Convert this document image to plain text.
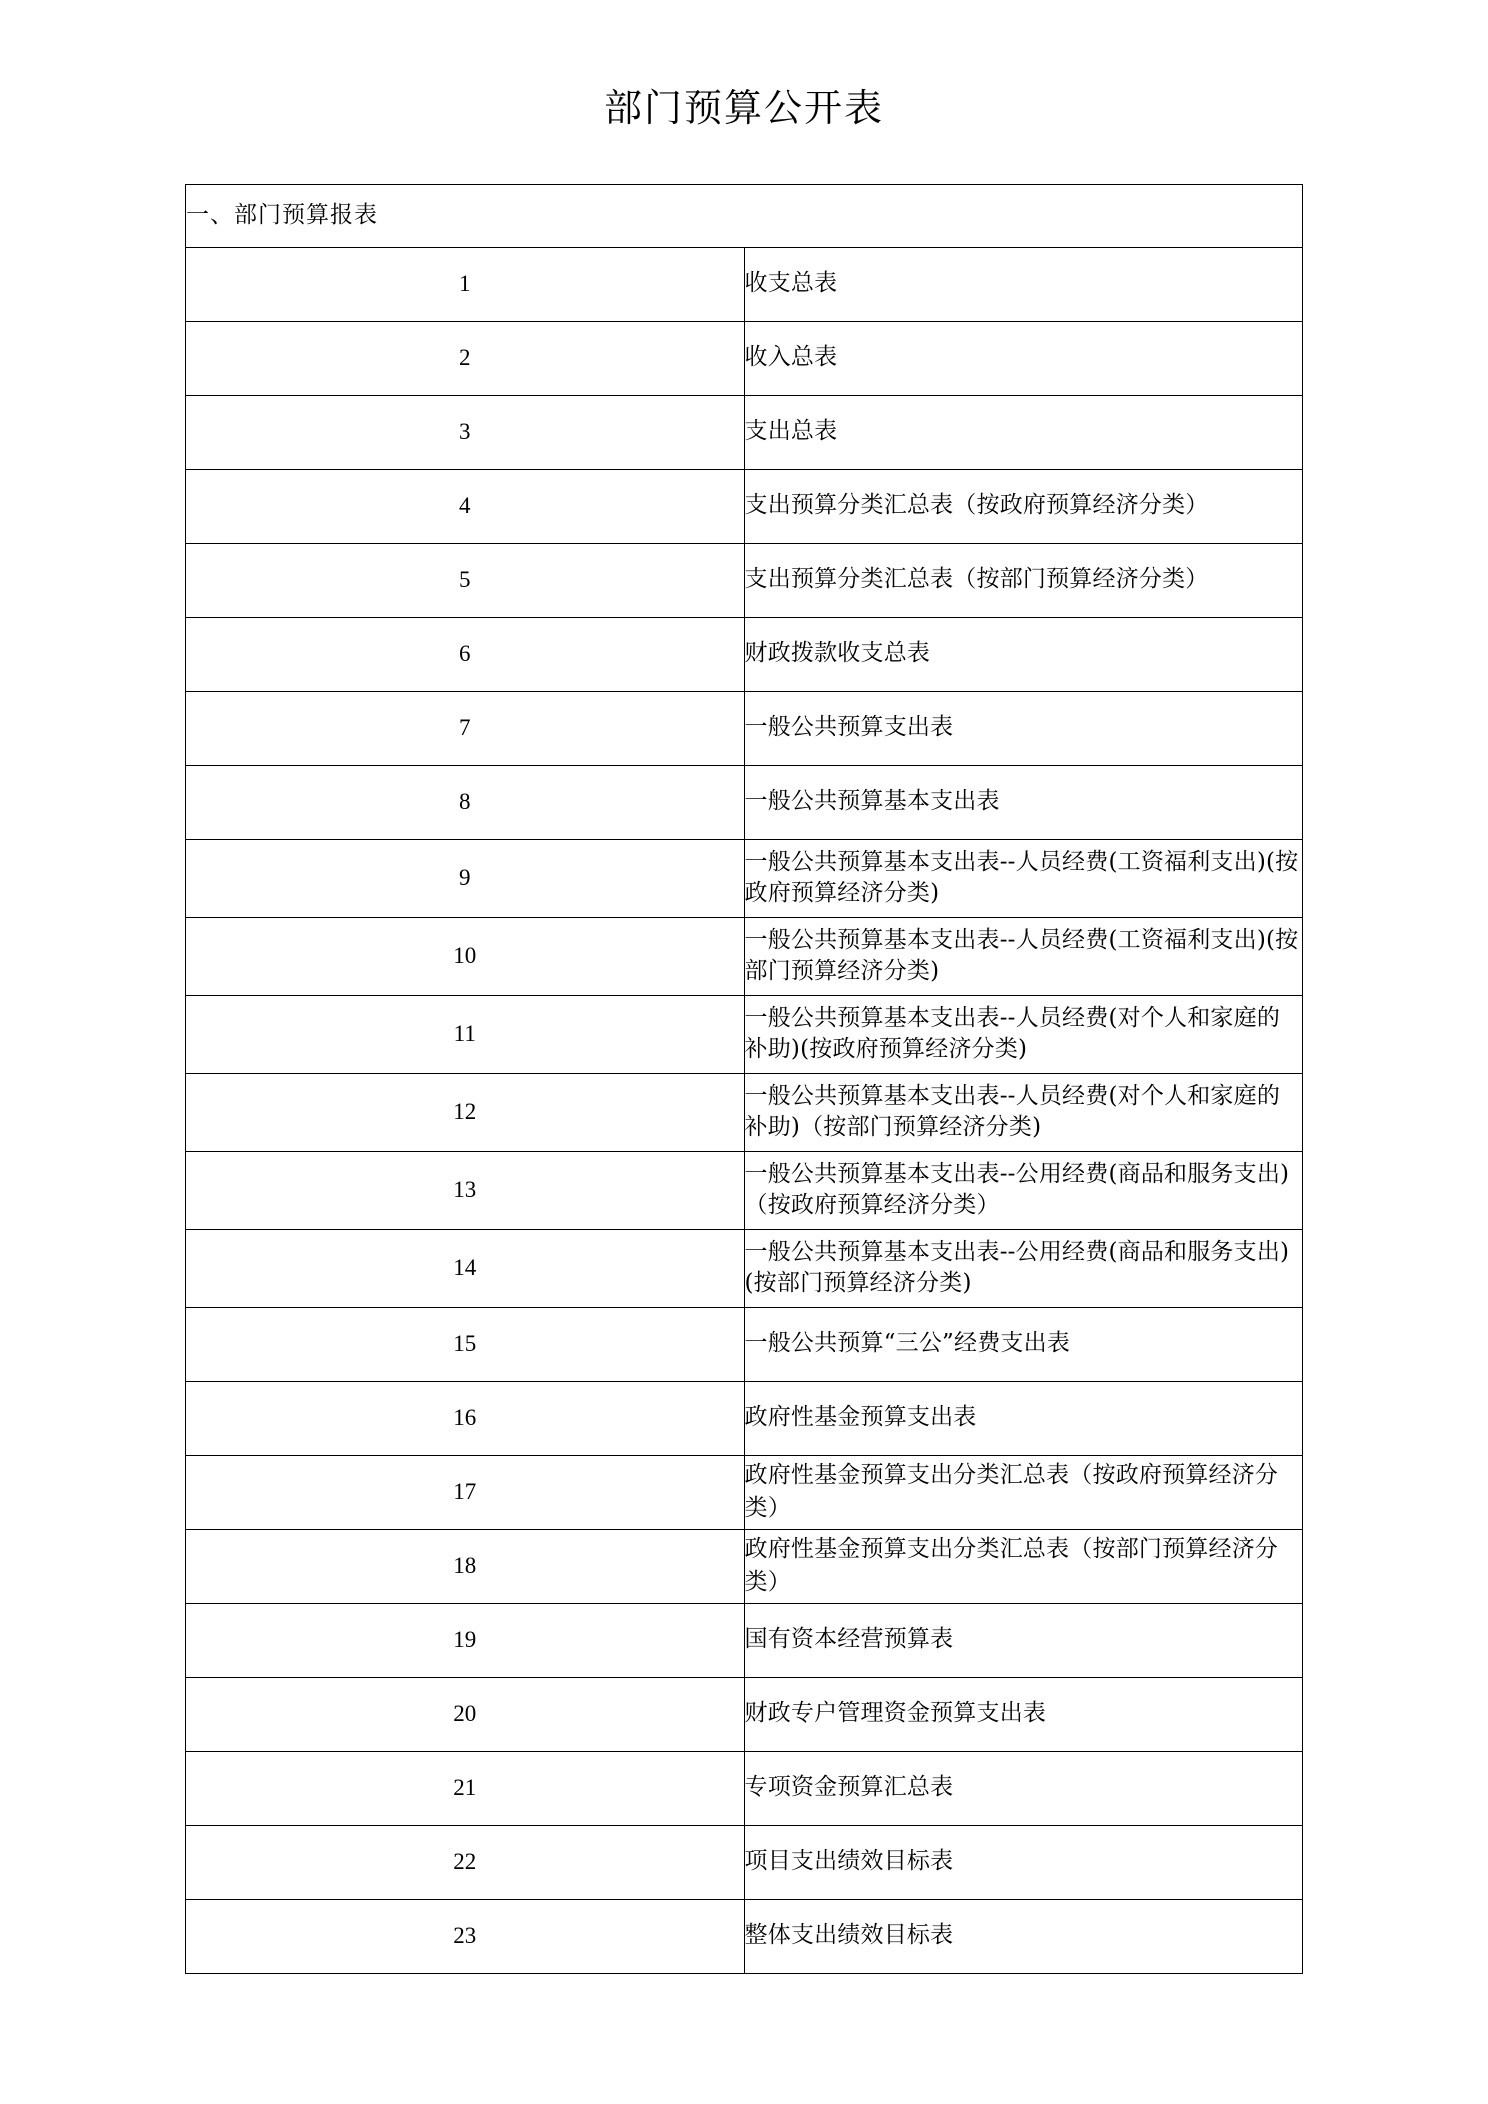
部门预算公开表
一、部门预算报表	
1	收支总表
2	收入总表
3	支出总表
4	支出预算分类汇总表（按政府预算经济分类）
5	支出预算分类汇总表（按部门预算经济分类）
6	财政拨款收支总表
7	一般公共预算支出表
8	一般公共预算基本支出表
9	一般公共预算基本支出表--人员经费(工资福利支出)(按政府预算经济分类)
10	一般公共预算基本支出表--人员经费(工资福利支出)(按部门预算经济分类)
11	一般公共预算基本支出表--人员经费(对个人和家庭的补助)(按政府预算经济分类)
12	一般公共预算基本支出表--人员经费(对个人和家庭的补助)（按部门预算经济分类)
13	一般公共预算基本支出表--公用经费(商品和服务支出)（按政府预算经济分类）
14	一般公共预算基本支出表--公用经费(商品和服务支出)(按部门预算经济分类)
15	一般公共预算“三公”经费支出表
16	政府性基金预算支出表
17	政府性基金预算支出分类汇总表（按政府预算经济分类）
18	政府性基金预算支出分类汇总表（按部门预算经济分类）
19	国有资本经营预算表
20	财政专户管理资金预算支出表
21	专项资金预算汇总表
22	项目支出绩效目标表
23	整体支出绩效目标表
